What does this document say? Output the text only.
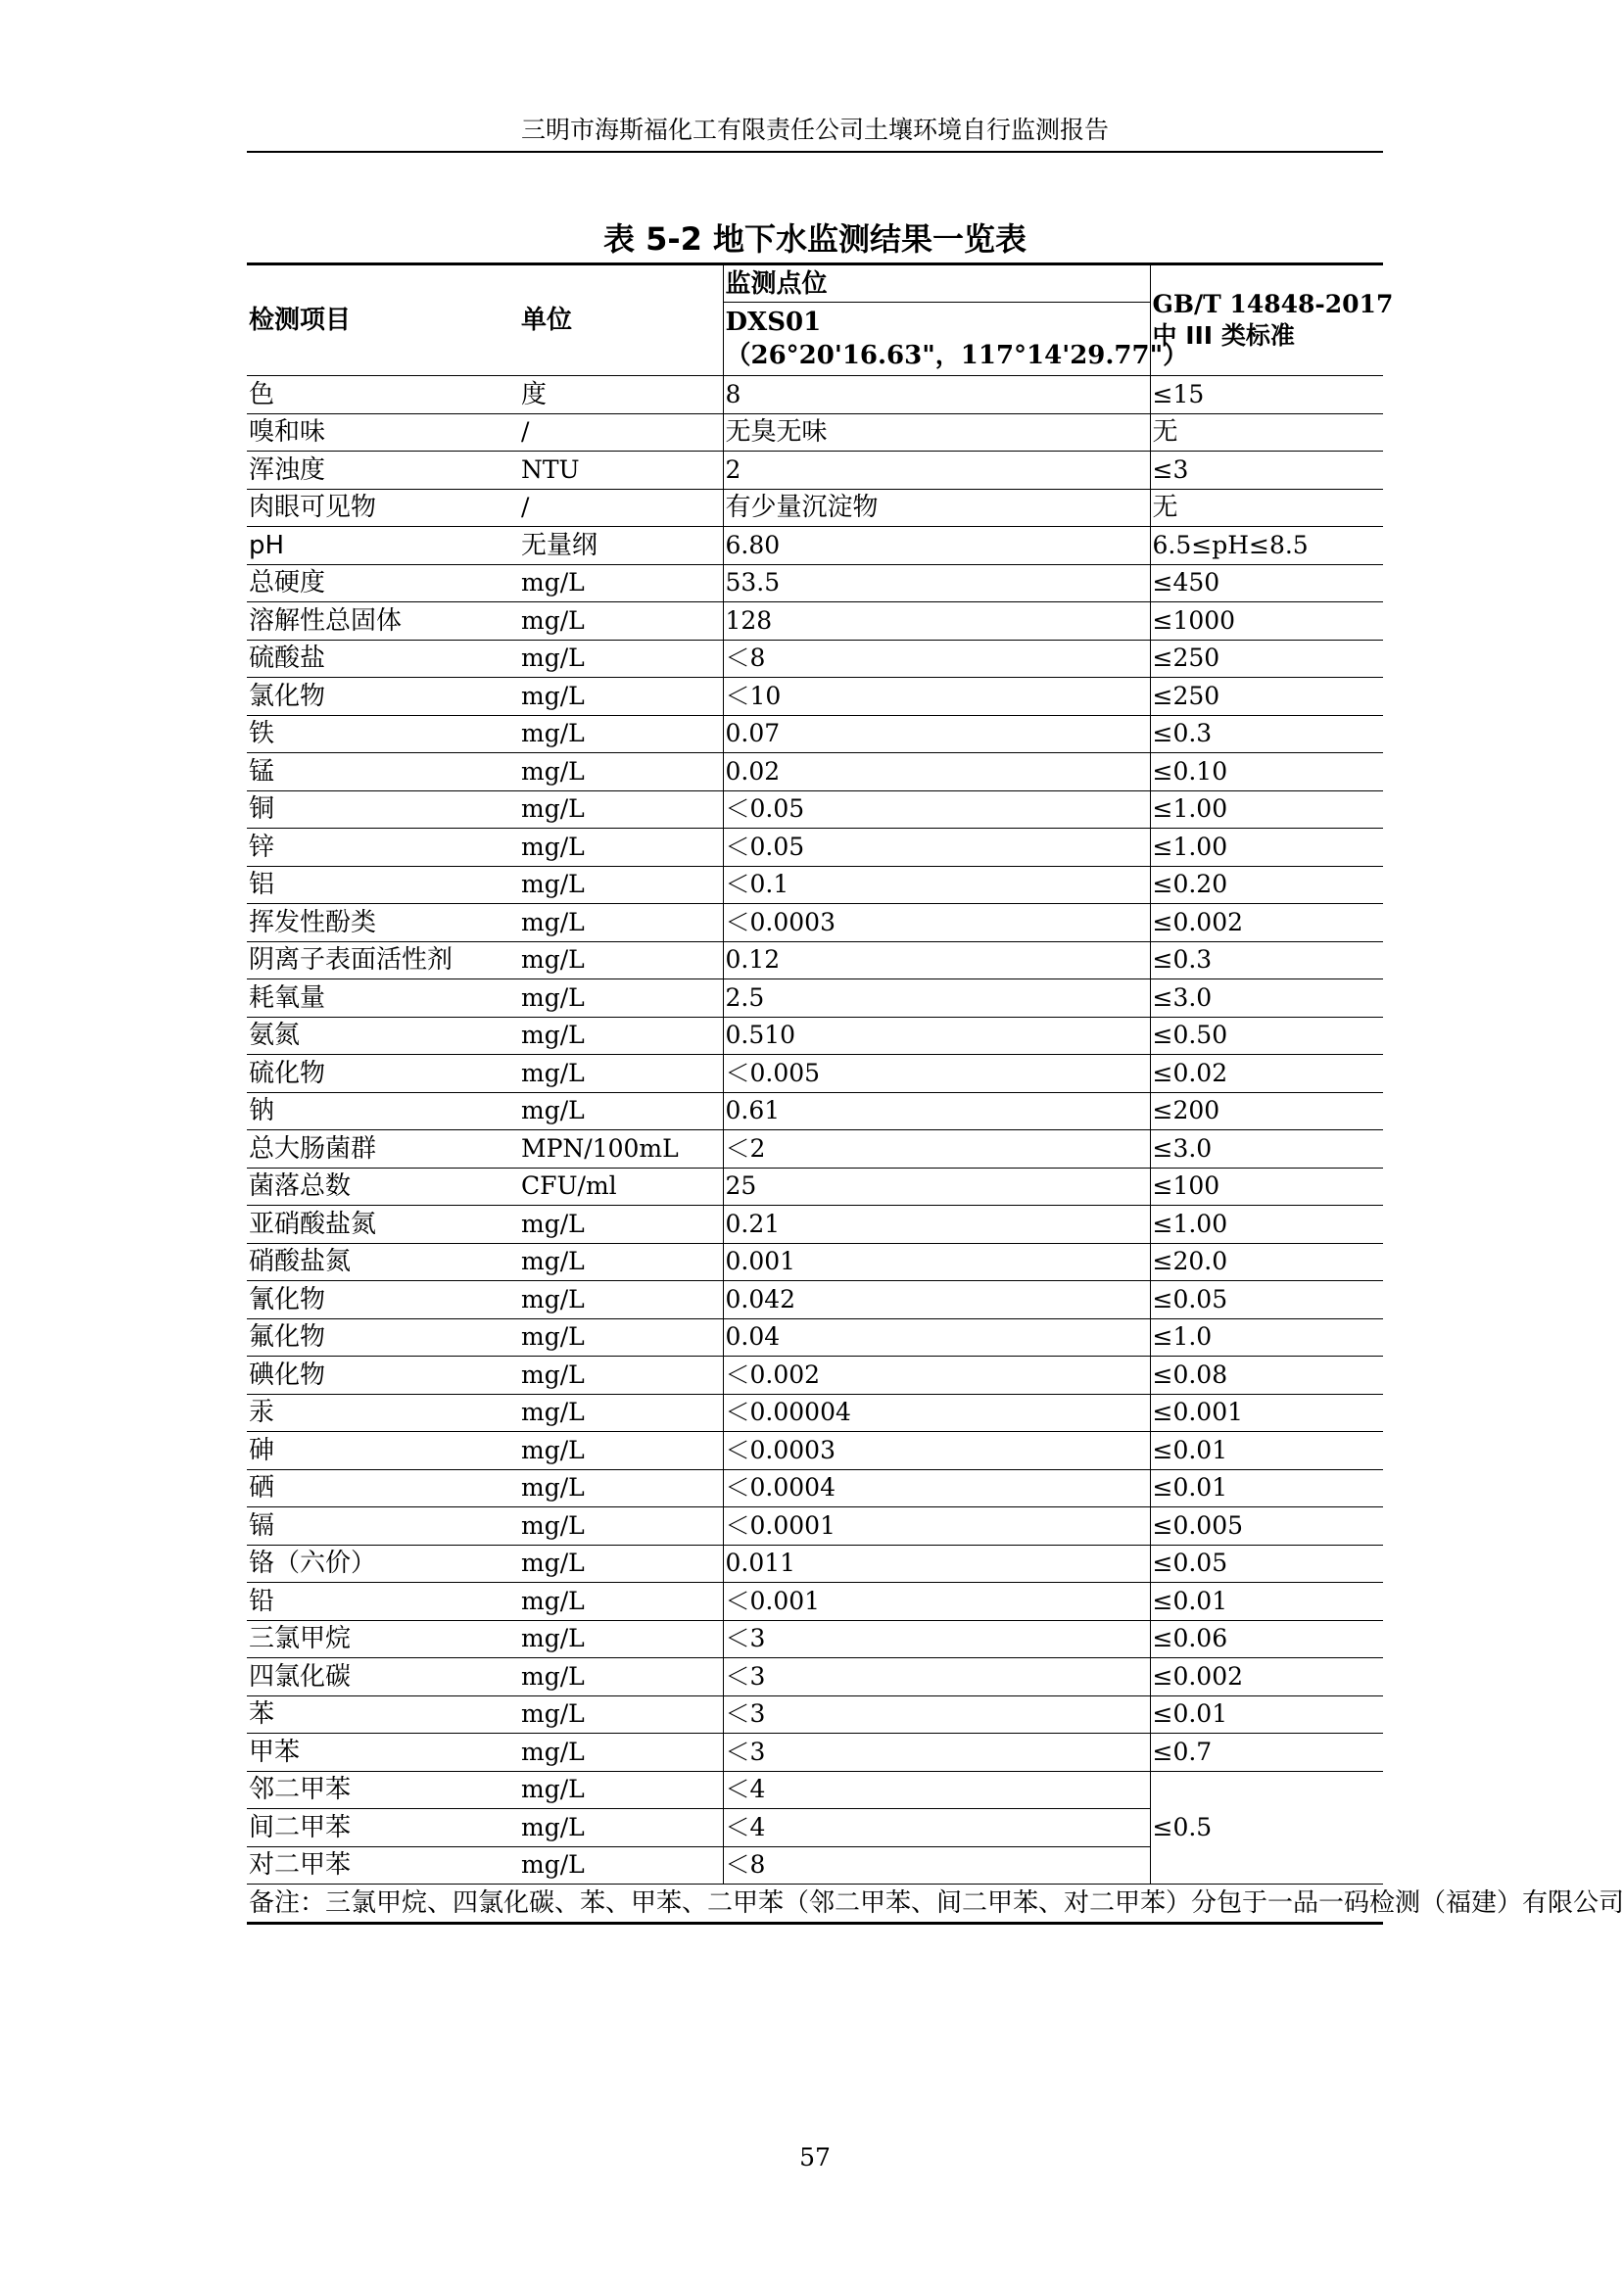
三明市海斯福化工有限责任公司土壤环境自行监测报告
表 5-2 地下水监测结果一览表
检测项目	单位	监测点位	GB/T 14848-2017
中 III 类标准

		DXS01
（26°20'16.63"，117°14'29.77"）	

色	度	8	≤15
嗅和味	/	无臭无味	无
浑浊度	NTU	2	≤3
肉眼可见物	/	有少量沉淀物	无
pH	无量纲	6.80	6.5≤pH≤8.5
总硬度	mg/L	53.5	≤450
溶解性总固体	mg/L	128	≤1000
硫酸盐	mg/L	＜8	≤250
氯化物	mg/L	＜10	≤250
铁	mg/L	0.07	≤0.3
锰	mg/L	0.02	≤0.10
铜	mg/L	＜0.05	≤1.00
锌	mg/L	＜0.05	≤1.00
铝	mg/L	＜0.1	≤0.20
挥发性酚类	mg/L	＜0.0003	≤0.002
阴离子表面活性剂	mg/L	0.12	≤0.3
耗氧量	mg/L	2.5	≤3.0
氨氮	mg/L	0.510	≤0.50
硫化物	mg/L	＜0.005	≤0.02
钠	mg/L	0.61	≤200
总大肠菌群	MPN/100mL	＜2	≤3.0
菌落总数	CFU/ml	25	≤100
亚硝酸盐氮	mg/L	0.21	≤1.00
硝酸盐氮	mg/L	0.001	≤20.0
氰化物	mg/L	0.042	≤0.05
氟化物	mg/L	0.04	≤1.0
碘化物	mg/L	＜0.002	≤0.08
汞	mg/L	＜0.00004	≤0.001
砷	mg/L	＜0.0003	≤0.01
硒	mg/L	＜0.0004	≤0.01
镉	mg/L	＜0.0001	≤0.005
铬（六价）	mg/L	0.011	≤0.05
铅	mg/L	＜0.001	≤0.01
三氯甲烷	mg/L	＜3	≤0.06
四氯化碳	mg/L	＜3	≤0.002
苯	mg/L	＜3	≤0.01
甲苯	mg/L	＜3	≤0.7
邻二甲苯	mg/L	＜4	≤0.5
间二甲苯	mg/L	＜4	
对二甲苯	mg/L	＜8	
备注：三氯甲烷、四氯化碳、苯、甲苯、二甲苯（邻二甲苯、间二甲苯、对二甲苯）分包于一品一码检测（福建）有限公司			
57
